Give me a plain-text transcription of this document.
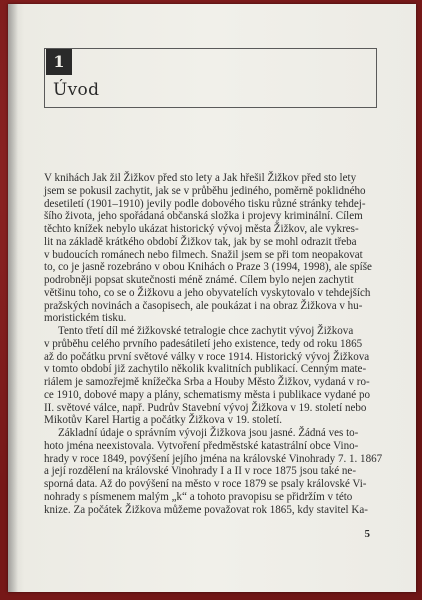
1
Úvod
V knihách Jak žil Žižkov před sto lety a Jak hřešil Žižkov před sto lety
jsem se pokusil zachytit, jak se v průběhu jediného, poměrně poklidného
desetiletí (1901–1910) jevily podle dobového tisku různé stránky tehdej-
šího života, jeho spořádaná občanská složka i projevy kriminální. Cílem
těchto knížek nebylo ukázat historický vývoj města Žižkov, ale vykres-
lit na základě krátkého období Žižkov tak, jak by se mohl odrazit třeba
v budoucích románech nebo filmech. Snažil jsem se při tom neopakovat
to, co je jasně rozebráno v obou Knihách o Praze 3 (1994, 1998), ale spíše
podrobněji popsat skutečnosti méně známé. Cílem bylo nejen zachytit
většinu toho, co se o Žižkovu a jeho obyvatelích vyskytovalo v tehdejších
pražských novinách a časopisech, ale poukázat i na obraz Žižkova v hu-
moristickém tisku.
Tento třetí díl mé žižkovské tetralogie chce zachytit vývoj Žižkova
v průběhu celého prvního padesátiletí jeho existence, tedy od roku 1865
až do počátku první světové války v roce 1914. Historický vývoj Žižkova
v tomto období již zachytilo několik kvalitních publikací. Cenným mate-
riálem je samozřejmě knížečka Srba a Houby Město Žižkov, vydaná v ro-
ce 1910, dobové mapy a plány, schematismy města i publikace vydané po
II. světové válce, např. Pudrův Stavební vývoj Žižkova v 19. století nebo
Mikotův Karel Hartig a počátky Žižkova v 19. století.
Základní údaje o správním vývoji Žižkova jsou jasné. Žádná ves to-
hoto jména neexistovala. Vytvoření předměstské katastrální obce Vino-
hrady v roce 1849, povýšení jejího jména na královské Vinohrady 7. 1. 1867
a její rozdělení na královské Vinohrady I a II v roce 1875 jsou také ne-
sporná data. Až do povýšení na město v roce 1879 se psaly královské Vi-
nohrady s písmenem malým „k“ a tohoto pravopisu se přidržím v této
knize. Za počátek Žižkova můžeme považovat rok 1865, kdy stavitel Ka-
5
